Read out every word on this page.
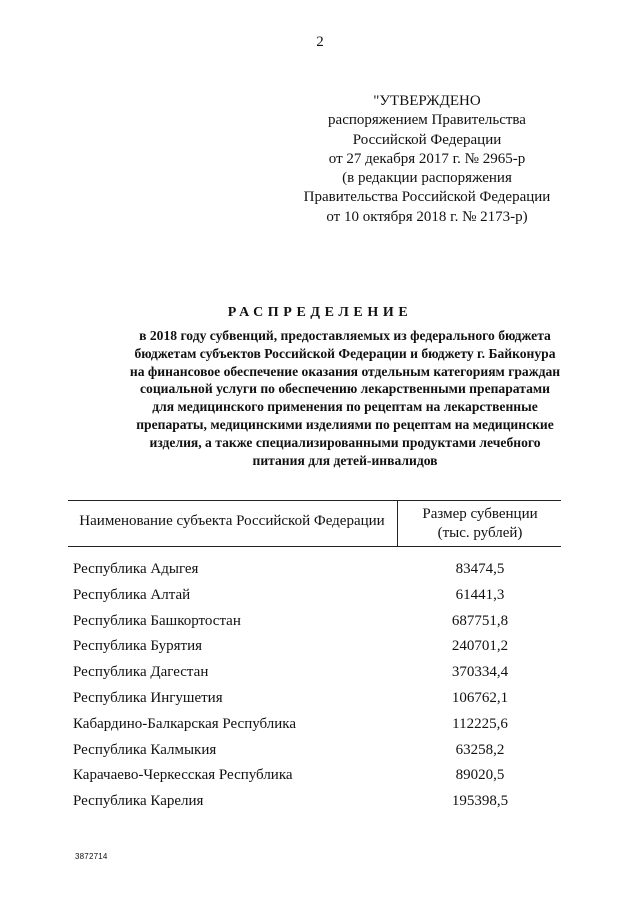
2
"УТВЕРЖДЕНО
распоряжением Правительства
Российской Федерации
от 27 декабря 2017 г. № 2965-р
(в редакции распоряжения
Правительства Российской Федерации
от 10 октября 2018 г. № 2173-р)
РАСПРЕДЕЛЕНИЕ
в 2018 году субвенций, предоставляемых из федерального бюджета
бюджетам субъектов Российской Федерации и бюджету г. Байконура
на финансовое обеспечение оказания отдельным категориям граждан
социальной услуги по обеспечению лекарственными препаратами
для медицинского применения по рецептам на лекарственные
препараты, медицинскими изделиями по рецептам на медицинские
изделия, а также специализированными продуктами лечебного
питания для детей-инвалидов
Наименование субъекта Российской Федерации	Размер субвенции
(тыс. рублей)
Республика Адыгея	83474,5
Республика Алтай	61441,3
Республика Башкортостан	687751,8
Республика Бурятия	240701,2
Республика Дагестан	370334,4
Республика Ингушетия	106762,1
Кабардино-Балкарская Республика	112225,6
Республика Калмыкия	63258,2
Карачаево-Черкесская Республика	89020,5
Республика Карелия	195398,5
3872714
